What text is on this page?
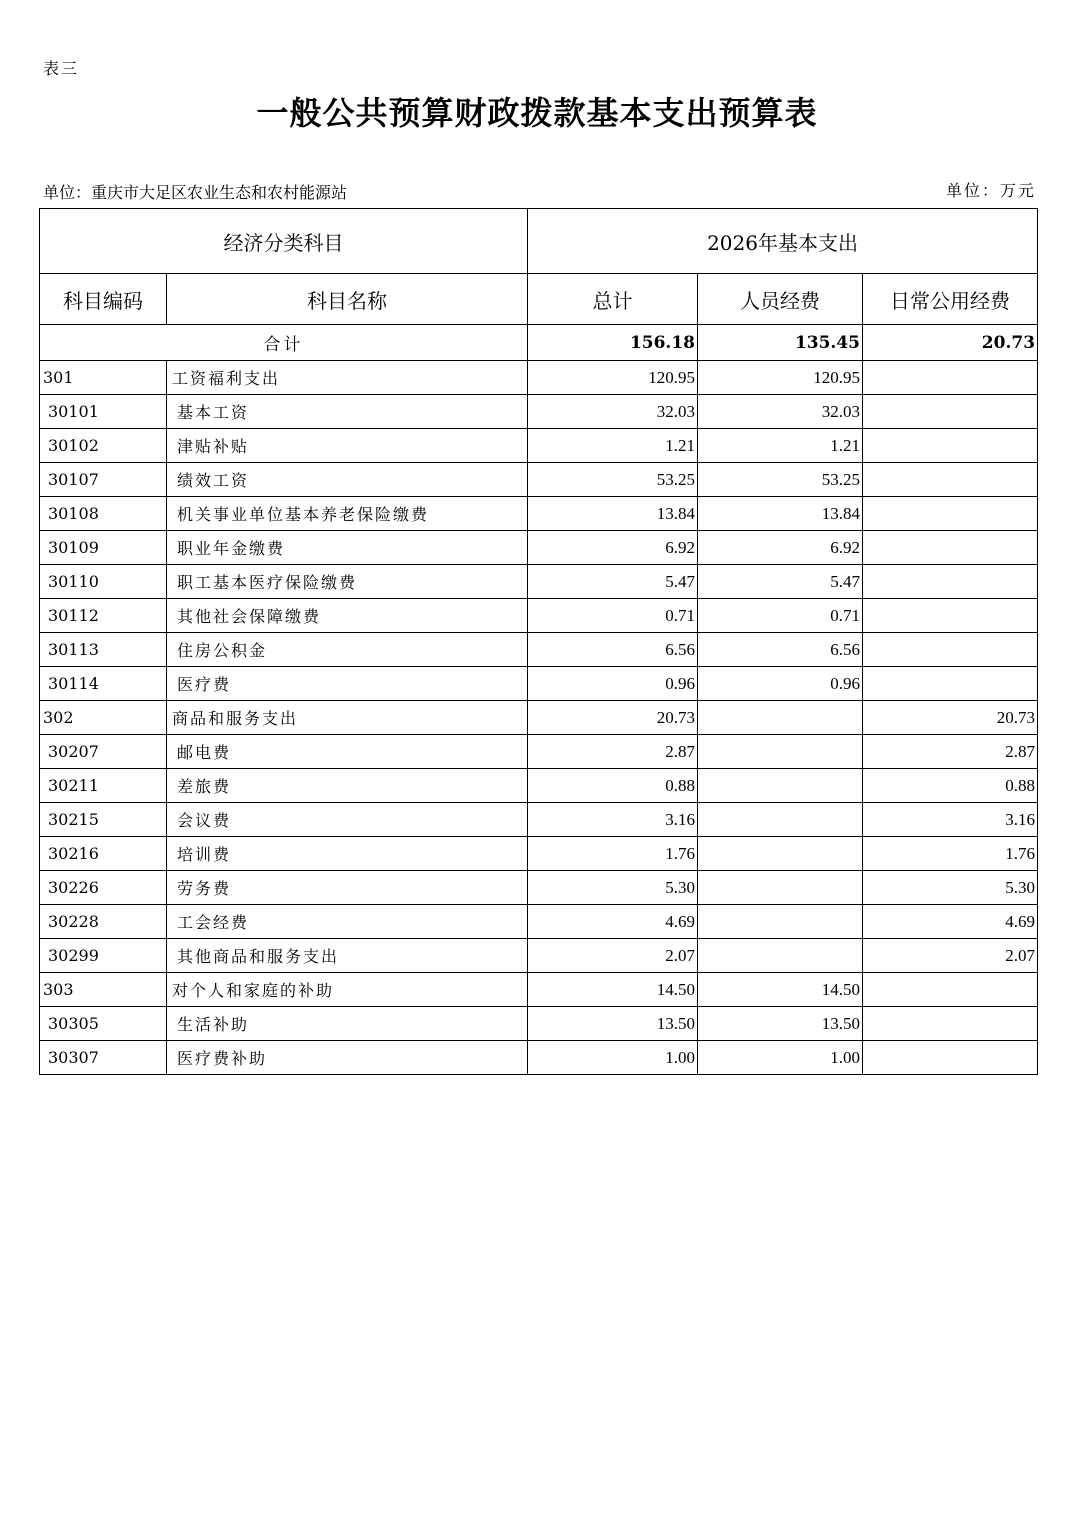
表三
一般公共预算财政拨款基本支出预算表
单位：重庆市大足区农业生态和农村能源站	单位：万元
经济分类科目		2026年基本支出		
科目编码	科目名称	总计	人员经费	日常公用经费
合计		156.18	135.45	20.73
301	工资福利支出	120.95	120.95	
30101	基本工资	32.03	32.03	
30102	津贴补贴	1.21	1.21	
30107	绩效工资	53.25	53.25	
30108	机关事业单位基本养老保险缴费	13.84	13.84	
30109	职业年金缴费	6.92	6.92	
30110	职工基本医疗保险缴费	5.47	5.47	
30112	其他社会保障缴费	0.71	0.71	
30113	住房公积金	6.56	6.56	
30114	医疗费	0.96	0.96	
302	商品和服务支出	20.73		20.73
30207	邮电费	2.87		2.87
30211	差旅费	0.88		0.88
30215	会议费	3.16		3.16
30216	培训费	1.76		1.76
30226	劳务费	5.30		5.30
30228	工会经费	4.69		4.69
30299	其他商品和服务支出	2.07		2.07
303	对个人和家庭的补助	14.50	14.50	
30305	生活补助	13.50	13.50	
30307	医疗费补助	1.00	1.00	
